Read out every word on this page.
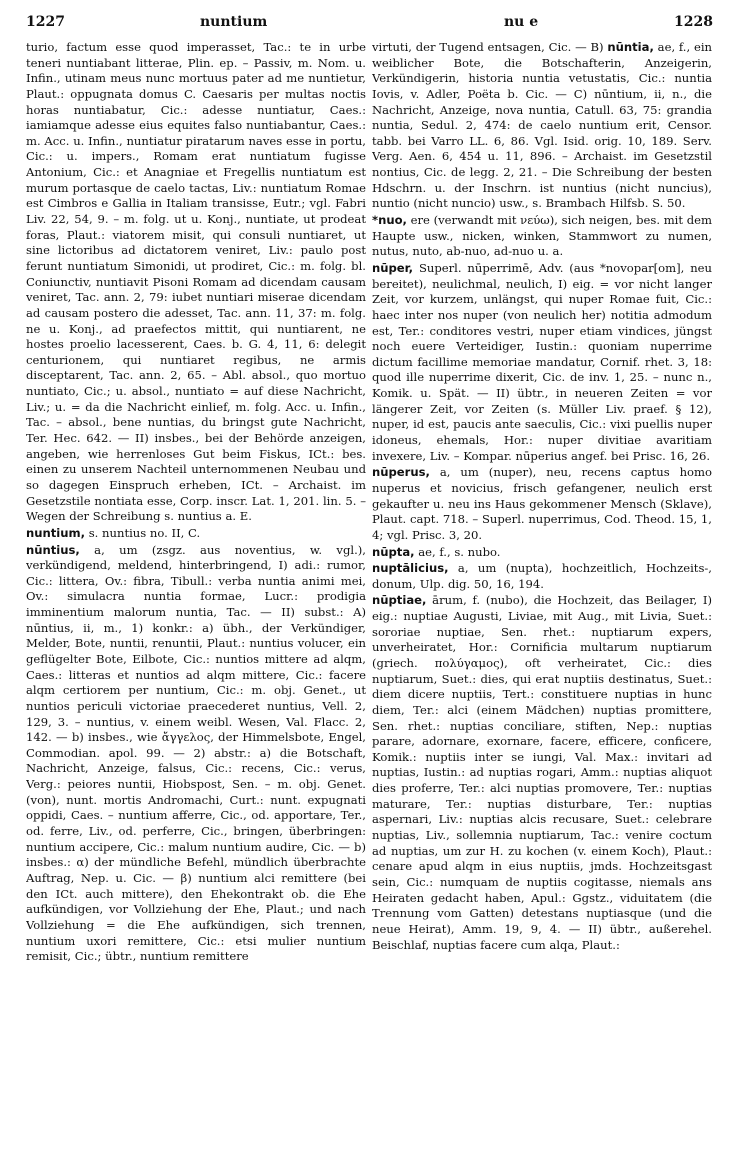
1227	nuntium	nu e	1228

turio, factum esse quod imperasset, Tac.: te in urbe teneri nuntiabant litterae, Plin. ep. – Passiv, m. Nom. u. Infin., utinam meus nunc mortuus pater ad me nuntietur, Plaut.: oppugnata domus C. Caesaris per multas noctis horas nuntiabatur, Cic.: adesse nuntiatur, Caes.: iamiamque adesse eius equites falso nuntiabantur, Caes.: m. Acc. u. Infin., nuntiatur piratarum naves esse in portu, Cic.: u. impers., Romam erat nuntiatum fugisse Antonium, Cic.: et Anagniae et Fregellis nuntiatum est murum portasque de caelo tactas, Liv.: nuntiatum Romae est Cimbros e Gallia in Italiam transisse, Eutr.; vgl. Fabri Liv. 22, 54, 9. – m. folg. ut u. Konj., nuntiate, ut prodeat foras, Plaut.: viatorem misit, qui consuli nuntiaret, ut sine lictoribus ad dictatorem veniret, Liv.: paulo post ferunt nuntiatum Simonidi, ut prodiret, Cic.: m. folg. bl. Coniunctiv, nuntiavit Pisoni Romam ad dicendam causam veniret, Tac. ann. 2, 79: iubet nuntiari miserae dicendam ad causam postero die adesset, Tac. ann. 11, 37: m. folg. ne u. Konj., ad praefectos mittit, qui nuntiarent, ne hostes proelio lacesserent, Caes. b. G. 4, 11, 6: delegit centurionem, qui nuntiaret regibus, ne armis disceptarent, Tac. ann. 2, 65. – Abl. absol., quo mortuo nuntiato, Cic.; u. absol., nuntiato = auf diese Nachricht, Liv.; u. = da die Nachricht einlief, m. folg. Acc. u. Infin., Tac. – absol., bene nuntias, du bringst gute Nachricht, Ter. Hec. 642. — II) insbes., bei der Behörde anzeigen, angeben, wie herrenloses Gut beim Fiskus, ICt.: bes. einen zu unserem Nachteil unternommenen Neubau und so dagegen Einspruch erheben, ICt. – Archaist. im Gesetzstile nontiata esse, Corp. inscr. Lat. 1, 201. lin. 5. – Wegen der Schreibung s. nuntius a. E.

nuntium, s. nuntius no. II, C.

nūntius, a, um (zsgz. aus noventius, w. vgl.), verkündigend, meldend, hinterbringend, I) adi.: rumor, Cic.: littera, Ov.: fibra, Tibull.: verba nuntia animi mei, Ov.: simulacra nuntia formae, Lucr.: prodigia imminentium malorum nuntia, Tac. — II) subst.: A) nūntius, ii, m., 1) konkr.: a) übh., der Verkündiger, Melder, Bote, nuntii, renuntii, Plaut.: nuntius volucer, ein geflügelter Bote, Eilbote, Cic.: nuntios mittere ad alqm, Caes.: litteras et nuntios ad alqm mittere, Cic.: facere alqm certiorem per nuntium, Cic.: m. obj. Genet., ut nuntios periculi victoriae praecederet nuntius, Vell. 2, 129, 3. – nuntius, v. einem weibl. Wesen, Val. Flacc. 2, 142. — b) insbes., wie ἄγγελος, der Himmelsbote, Engel, Commodian. apol. 99. — 2) abstr.: a) die Botschaft, Nachricht, Anzeige, falsus, Cic.: recens, Cic.: verus, Verg.: peiores nuntii, Hiobspost, Sen. – m. obj. Genet. (von), nunt. mortis Andromachi, Curt.: nunt. expugnati oppidi, Caes. – nuntium afferre, Cic., od. apportare, Ter., od. ferre, Liv., od. perferre, Cic., bringen, überbringen: nuntium accipere, Cic.: malum nuntium audire, Cic. — b) insbes.: α) der mündliche Befehl, mündlich überbrachte Auftrag, Nep. u. Cic. — β) nuntium alci remittere (bei den ICt. auch mittere), den Ehekontrakt ob. die Ehe aufkündigen, vor Vollziehung der Ehe, Plaut.; und nach Vollziehung = die Ehe aufkündigen, sich trennen, nuntium uxori remittere, Cic.: etsi mulier nuntium remisit, Cic.; übtr., nuntium remittere

virtuti, der Tugend entsagen, Cic. — B) nūntia, ae, f., ein weiblicher Bote, die Botschafterin, Anzeigerin, Verkündigerin, historia nuntia vetustatis, Cic.: nuntia Iovis, v. Adler, Poëta b. Cic. — C) nūntium, ii, n., die Nachricht, Anzeige, nova nuntia, Catull. 63, 75: grandia nuntia, Sedul. 2, 474: de caelo nuntium erit, Censor. tabb. bei Varro LL. 6, 86. Vgl. Isid. orig. 10, 189. Serv. Verg. Aen. 6, 454 u. 11, 896. – Archaist. im Gesetzstil nontius, Cic. de legg. 2, 21. – Die Schreibung der besten Hdschrn. u. der Inschrn. ist nuntius (nicht nuncius), nuntio (nicht nuncio) usw., s. Brambach Hilfsb. S. 50.

*nuo, ere (verwandt mit νεύω), sich neigen, bes. mit dem Haupte usw., nicken, winken, Stammwort zu numen, nutus, nuto, ab-nuo, ad-nuo u. a.

nūper, Superl. nūperrimē, Adv. (aus *novopar[om], neu bereitet), neulichmal, neulich, I) eig. = vor nicht langer Zeit, vor kurzem, unlängst, qui nuper Romae fuit, Cic.: haec inter nos nuper (von neulich her) notitia admodum est, Ter.: conditores vestri, nuper etiam vindices, jüngst noch euere Verteidiger, Iustin.: quoniam nuperrime dictum facillime memoriae mandatur, Cornif. rhet. 3, 18: quod ille nuperrime dixerit, Cic. de inv. 1, 25. – nunc n., Komik. u. Spät. — II) übtr., in neueren Zeiten = vor längerer Zeit, vor Zeiten (s. Müller Liv. praef. § 12), nuper, id est, paucis ante saeculis, Cic.: vixi puellis nuper idoneus, ehemals, Hor.: nuper divitiae avaritiam invexere, Liv. – Kompar. nūperius angef. bei Prisc. 16, 26.

nūperus, a, um (nuper), neu, recens captus homo nuperus et novicius, frisch gefangener, neulich erst gekaufter u. neu ins Haus gekommener Mensch (Sklave), Plaut. capt. 718. – Superl. nuperrimus, Cod. Theod. 15, 1, 4; vgl. Prisc. 3, 20.

nūpta, ae, f., s. nubo.

nuptālicius, a, um (nupta), hochzeitlich, Hochzeits-, donum, Ulp. dig. 50, 16, 194.

nūptiae, ārum, f. (nubo), die Hochzeit, das Beilager, I) eig.: nuptiae Augusti, Liviae, mit Aug., mit Livia, Suet.: sororiae nuptiae, Sen. rhet.: nuptiarum expers, unverheiratet, Hor.: Cornificia multarum nuptiarum (griech. πολύγαμος), oft verheiratet, Cic.: dies nuptiarum, Suet.: dies, qui erat nuptiis destinatus, Suet.: diem dicere nuptiis, Tert.: constituere nuptias in hunc diem, Ter.: alci (einem Mädchen) nuptias promittere, Sen. rhet.: nuptias conciliare, stiften, Nep.: nuptias parare, adornare, exornare, facere, efficere, conficere, Komik.: nuptiis inter se iungi, Val. Max.: invitari ad nuptias, Iustin.: ad nuptias rogari, Amm.: nuptias aliquot dies proferre, Ter.: alci nuptias promovere, Ter.: nuptias maturare, Ter.: nuptias disturbare, Ter.: nuptias aspernari, Liv.: nuptias alcis recusare, Suet.: celebrare nuptias, Liv., sollemnia nuptiarum, Tac.: venire coctum ad nuptias, um zur H. zu kochen (v. einem Koch), Plaut.: cenare apud alqm in eius nuptiis, jmds. Hochzeitsgast sein, Cic.: numquam de nuptiis cogitasse, niemals ans Heiraten gedacht haben, Apul.: Ggstz., viduitatem (die Trennung vom Gatten) detestans nuptiasque (und die neue Heirat), Amm. 19, 9, 4. — II) übtr., außerehel. Beischlaf, nuptias facere cum alqa, Plaut.:
